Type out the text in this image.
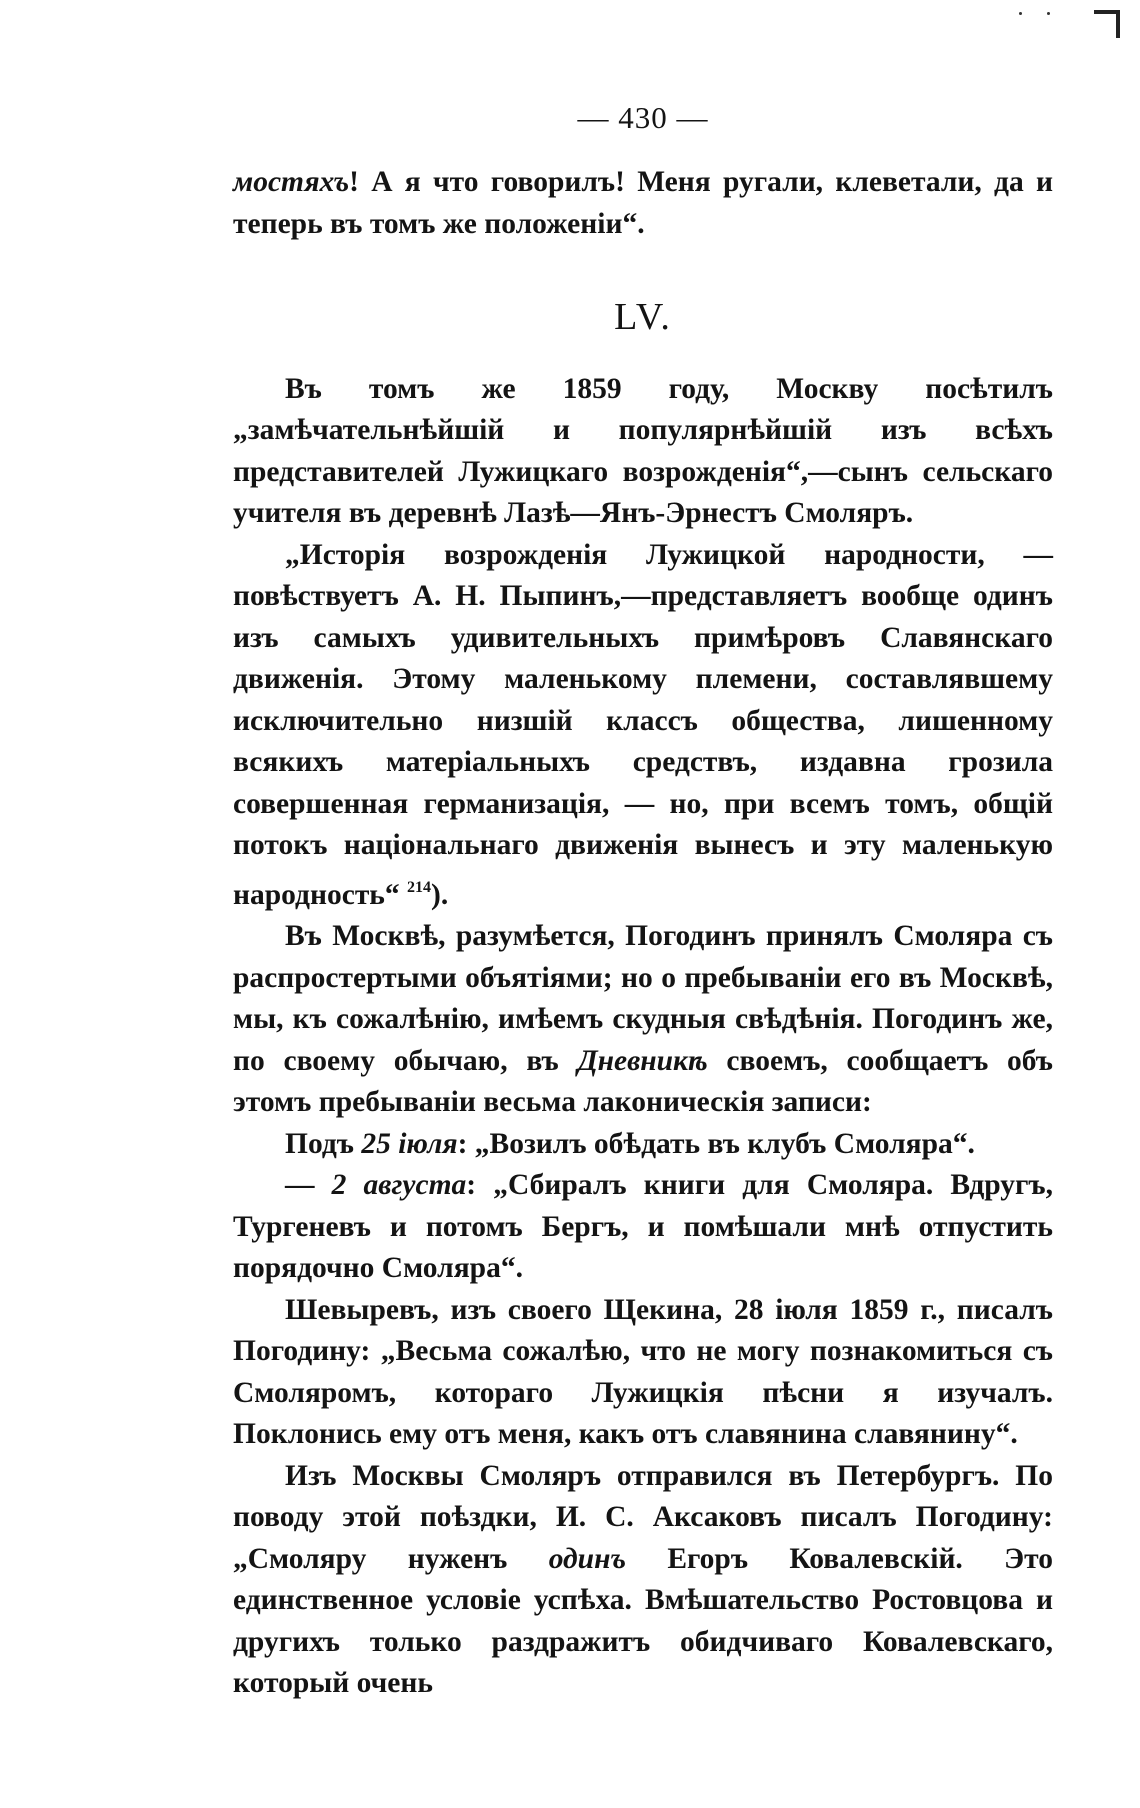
— 430 —

мостяхъ! А я что говорилъ! Меня ругали, клеветали, да и теперь въ томъ же положеніи“.

LV.

Въ томъ же 1859 году, Москву посѣтилъ „замѣчательнѣйшій и популярнѣйшій изъ всѣхъ представителей Лужицкаго возрожденія“,—сынъ сельскаго учителя въ деревнѣ Лазѣ—Янъ-Эрнестъ Смоляръ.

„Исторія возрожденія Лужицкой народности, — повѣствуетъ А. Н. Пыпинъ,—представляетъ вообще одинъ изъ самыхъ удивительныхъ примѣровъ Славянскаго движенія. Этому маленькому племени, составлявшему исключительно низшій классъ общества, лишенному всякихъ матеріальныхъ средствъ, издавна грозила совершенная германизація, — но, при всемъ томъ, общій потокъ національнаго движенія вынесъ и эту маленькую народность“ $^{214}$).

Въ Москвѣ, разумѣется, Погодинъ принялъ Смоляра съ распростертыми объятіями; но о пребываніи его въ Москвѣ, мы, къ сожалѣнію, имѣемъ скудныя свѣдѣнія. Погодинъ же, по своему обычаю, въ Дневникѣ своемъ, сообщаетъ объ этомъ пребываніи весьма лаконическія записи:

Подъ 25 іюля: „Возилъ обѣдать въ клубъ Смоляра“.

— 2 августа: „Сбиралъ книги для Смоляра. Вдругъ, Тургеневъ и потомъ Бергъ, и помѣшали мнѣ отпустить порядочно Смоляра“.

Шевыревъ, изъ своего Щекина, 28 іюля 1859 г., писалъ Погодину: „Весьма сожалѣю, что не могу познакомиться съ Смоляромъ, котораго Лужицкія пѣсни я изучалъ. Поклонись ему отъ меня, какъ отъ славянина славянину“.

Изъ Москвы Смоляръ отправился въ Петербургъ. По поводу этой поѣздки, И. С. Аксаковъ писалъ Погодину: „Смоляру нуженъ одинъ Егоръ Ковалевскій. Это единственное условіе успѣха. Вмѣшательство Ростовцова и другихъ только раздражитъ обидчиваго Ковалевскаго, который очень
